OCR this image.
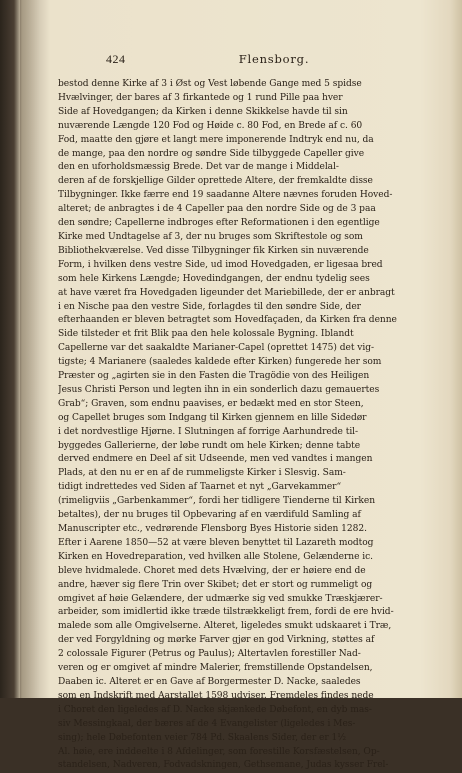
424	Flensborg.
bestod denne Kirke af 3 i Øst og Vest løbende Gange med 5 spidse
Hvælvinger, der bares af 3 firkantede og 1 rund Pille paa hver
Side af Hovedgangen; da Kirken i denne Skikkelse havde til sin
nuværende Længde 120 Fod og Høide c. 80 Fod, en Brede af c. 60
Fod, maatte den gjøre et langt mere imponerende Indtryk end nu, da
de mange, paa den nordre og søndre Side tilbyggede Capeller give
den en uforholdsmæssig Brede. Det var de mange i Middelal-
deren af de forskjellige Gilder oprettede Altere, der fremkaldte disse
Tilbygninger. Ikke færre end 19 saadanne Altere nævnes foruden Hoved-
alteret; de anbragtes i de 4 Capeller paa den nordre Side og de 3 paa
den søndre; Capellerne indbroges efter Reformationen i den egentlige
Kirke med Undtagelse af 3, der nu bruges som Skriftestole og som
Bibliothekværelse. Ved disse Tilbygninger fik Kirken sin nuværende
Form, i hvilken dens vestre Side, ud imod Hovedgaden, er ligesaa bred
som hele Kirkens Længde; Hovedindgangen, der endnu tydelig sees
at have været fra Hovedgaden ligeunder det Mariebillede, der er anbragt
i en Nische paa den vestre Side, forlagdes til den søndre Side, der
efterhaanden er bleven betragtet som Hovedfaçaden, da Kirken fra denne
Side tilsteder et frit Blik paa den hele kolossale Bygning. Iblandt
Capellerne var det saakaldte Marianer-Capel (oprettet 1475) det vig-
tigste; 4 Marianere (saaledes kaldede efter Kirken) fungerede her som
Præster og „agirten sie in den Fasten die Tragödie von des Heiligen
Jesus Christi Person und legten ihn in ein sonderlich dazu gemauertes
Grab“; Graven, som endnu paavises, er bedækt med en stor Steen,
og Capellet bruges som Indgang til Kirken gjennem en lille Sidedør
i det nordvestlige Hjørne. I Slutningen af forrige Aarhundrede til-
byggedes Gallerierne, der løbe rundt om hele Kirken; denne tabte
derved endmere en Deel af sit Udseende, men ved vandtes i mangen
Plads, at den nu er en af de rummeligste Kirker i Slesvig. Sam-
tidigt indrettedes ved Siden af Taarnet et nyt „Garvekammer“
(rimeligviis „Garbenkammer“, fordi her tidligere Tienderne til Kirken
betaltes), der nu bruges til Opbevaring af en værdifuld Samling af
Manuscripter etc., vedrørende Flensborg Byes Historie siden 1282.
Efter i Aarene 1850—52 at være bleven benyttet til Lazareth modtog
Kirken en Hovedreparation, ved hvilken alle Stolene, Gelænderne ic.
bleve hvidmalede. Choret med dets Hvælving, der er høiere end de
andre, hæver sig flere Trin over Skibet; det er stort og rummeligt og
omgivet af høie Gelændere, der udmærke sig ved smukke Træskjærer-
arbeider, som imidlertid ikke træde tilstrækkeligt frem, fordi de ere hvid-
malede som alle Omgivelserne. Alteret, ligeledes smukt udskaaret i Træ,
der ved Forgyldning og mørke Farver gjør en god Virkning, støttes af
2 colossale Figurer (Petrus og Paulus); Altertavlen forestiller Nad-
veren og er omgivet af mindre Malerier, fremstillende Opstandelsen,
Daaben ic. Alteret er en Gave af Borgermester D. Nacke, saaledes
som en Indskrift med Aarstallet 1598 udviser. Fremdeles findes nede
i Choret den ligeledes af D. Nacke skjænkede Døbefont, en dyb mas-
siv Messingkaal, der bæres af de 4 Evangelister (ligeledes i Mes-
sing); hele Døbefonten veier 784 Pd. Skaalens Sider, der er 1½
Al. høie, ere inddeelte i 8 Afdelinger, som forestille Korsfæstelsen, Op-
standelsen, Nadveren, Fodvadskningen, Gethsemane, Judas kysser Frel-
